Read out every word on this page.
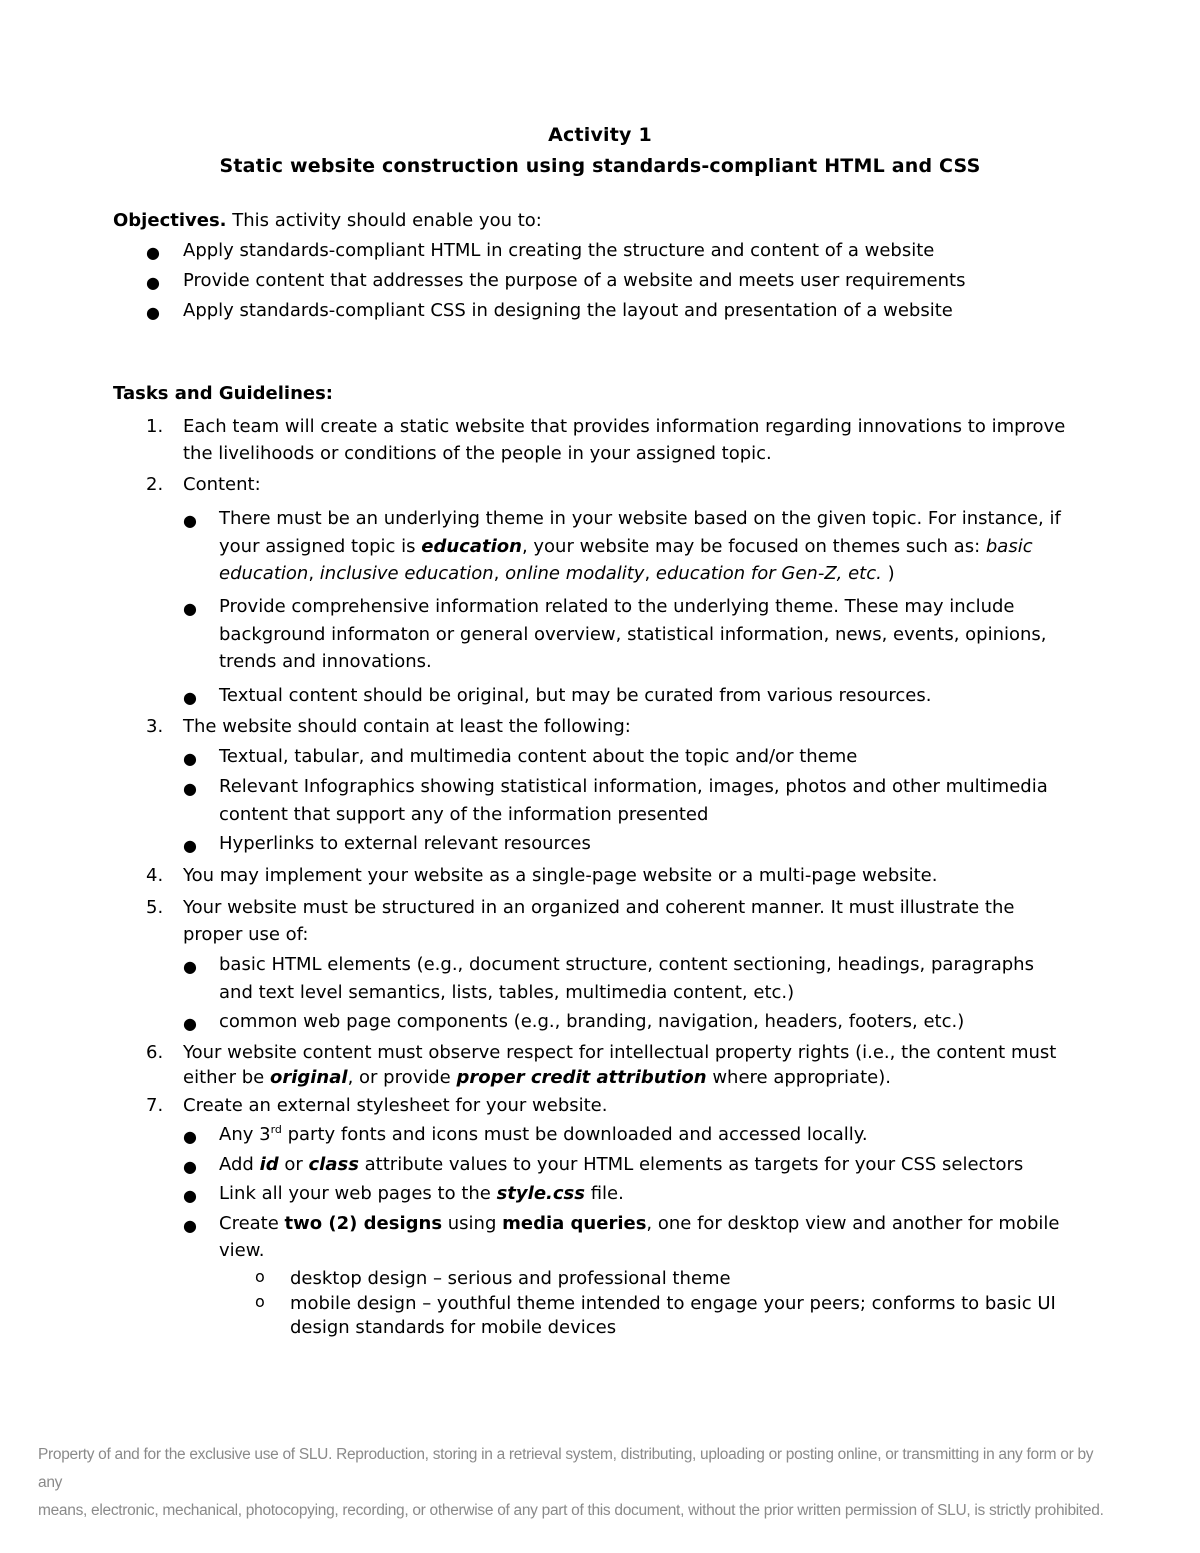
Activity 1
Static website construction using standards-compliant HTML and CSS
Objectives. This activity should enable you to:
● Apply standards-compliant HTML in creating the structure and content of a website
● Provide content that addresses the purpose of a website and meets user requirements
● Apply standards-compliant CSS in designing the layout and presentation of a website
Tasks and Guidelines:
1. Each team will create a static website that provides information regarding innovations to improve
the livelihoods or conditions of the people in your assigned topic.
2. Content:
● There must be an underlying theme in your website based on the given topic. For instance, if
your assigned topic is education, your website may be focused on themes such as: basic
education, inclusive education, online modality, education for Gen-Z, etc. )
● Provide comprehensive information related to the underlying theme. These may include
background informaton or general overview, statistical information, news, events, opinions,
trends and innovations.
● Textual content should be original, but may be curated from various resources.
3. The website should contain at least the following:
● Textual, tabular, and multimedia content about the topic and/or theme
● Relevant Infographics showing statistical information, images, photos and other multimedia
content that support any of the information presented
● Hyperlinks to external relevant resources
4. You may implement your website as a single-page website or a multi-page website.
5. Your website must be structured in an organized and coherent manner. It must illustrate the
proper use of:
● basic HTML elements (e.g., document structure, content sectioning, headings, paragraphs
and text level semantics, lists, tables, multimedia content, etc.)
● common web page components (e.g., branding, navigation, headers, footers, etc.)
6. Your website content must observe respect for intellectual property rights (i.e., the content must
either be original, or provide proper credit attribution where appropriate).
7. Create an external stylesheet for your website.
● Any 3rd party fonts and icons must be downloaded and accessed locally.
● Add id or class attribute values to your HTML elements as targets for your CSS selectors
● Link all your web pages to the style.css file.
● Create two (2) designs using media queries, one for desktop view and another for mobile
view.
o desktop design – serious and professional theme
o mobile design – youthful theme intended to engage your peers; conforms to basic UI
design standards for mobile devices
Property of and for the exclusive use of SLU. Reproduction, storing in a retrieval system, distributing, uploading or posting online, or transmitting in any form or by any
means, electronic, mechanical, photocopying, recording, or otherwise of any part of this document, without the prior written permission of SLU, is strictly prohibited.
